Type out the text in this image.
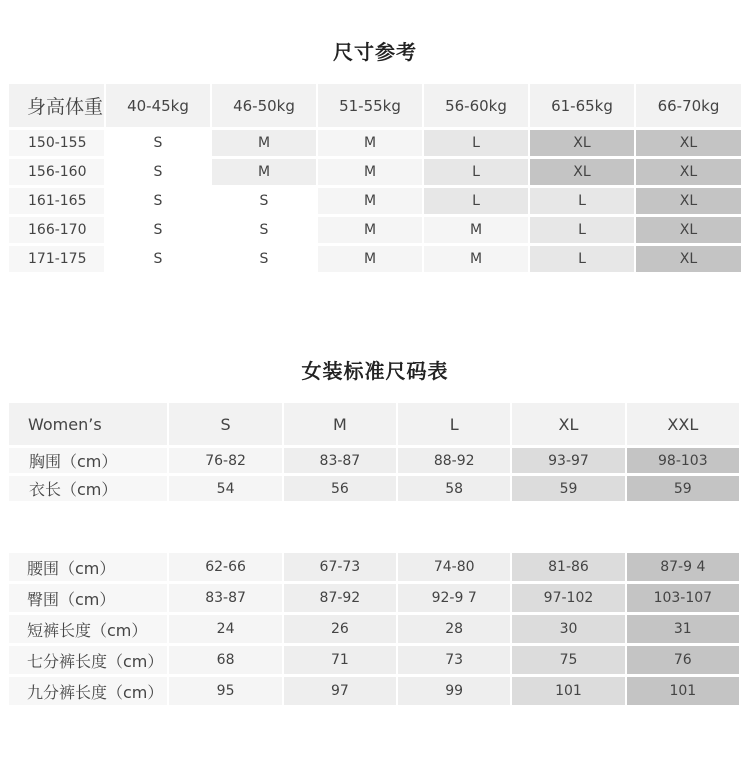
尺寸参考
身高体重	40-45kg	46-50kg	51-55kg	56-60kg	61-65kg	66-70kg
150-155	S	M	M	L	XL	XL
156-160	S	M	M	L	XL	XL
161-165	S	S	M	L	L	XL
166-170	S	S	M	M	L	XL
171-175	S	S	M	M	L	XL
女装标准尺码表
Women’s	S	M	L	XL	XXL
胸围（cm）	76-82	83-87	88-92	93-97	98-103
衣长（cm）	54	56	58	59	59
腰围（cm）	62-66	67-73	74-80	81-86	87-9 4
臀围（cm）	83-87	87-92	92-9 7	97-102	103-107
短裤长度（cm）	24	26	28	30	31
七分裤长度（cm）	68	71	73	75	76
九分裤长度（cm）	95	97	99	101	101
